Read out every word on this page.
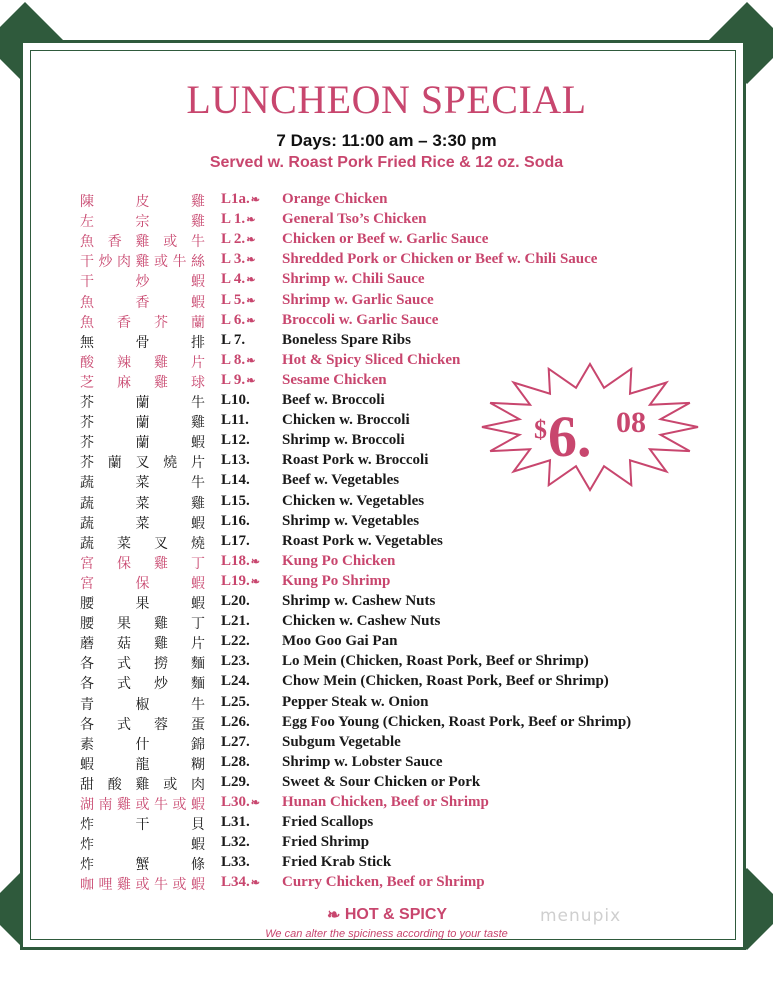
LUNCHEON SPECIAL
7 Days: 11:00 am – 3:30 pm
Served w. Roast Pork Fried Rice & 12 oz. Soda
陳	皮	雞 L1a.❧ Orange Chicken
左	宗	雞 L 1.❧ General Tso’s Chicken
魚 香 雞 或 牛 L 2.❧ Chicken or Beef w. Garlic Sauce
干 炒 肉 雞 或 牛 絲 L 3.❧ Shredded Pork or Chicken or Beef w. Chili Sauce
干	炒	蝦 L 4.❧ Shrimp w. Chili Sauce
魚	香	蝦 L 5.❧ Shrimp w. Garlic Sauce
魚 香 芥 蘭 L 6.❧ Broccoli w. Garlic Sauce
無	骨	排 L 7. Boneless Spare Ribs
酸 辣 雞 片 L 8.❧ Hot & Spicy Sliced Chicken
芝 麻 雞 球 L 9.❧ Sesame Chicken
芥	蘭	牛 L10. Beef w. Broccoli
芥	蘭	雞 L11. Chicken w. Broccoli
芥	蘭	蝦 L12. Shrimp w. Broccoli
芥 蘭 叉 燒 片 L13. Roast Pork w. Broccoli
蔬	菜	牛 L14. Beef w. Vegetables
蔬	菜	雞 L15. Chicken w. Vegetables
蔬	菜	蝦 L16. Shrimp w. Vegetables
蔬 菜 叉 燒 L17. Roast Pork w. Vegetables
宮 保 雞 丁 L18.❧ Kung Po Chicken
宮	保	蝦 L19.❧ Kung Po Shrimp
腰	果	蝦 L20. Shrimp w. Cashew Nuts
腰 果 雞 丁 L21. Chicken w. Cashew Nuts
蘑 菇 雞 片 L22. Moo Goo Gai Pan
各 式 撈 麵 L23. Lo Mein (Chicken, Roast Pork, Beef or Shrimp)
各 式 炒 麵 L24. Chow Mein (Chicken, Roast Pork, Beef or Shrimp)
青	椒	牛 L25. Pepper Steak w. Onion
各 式 蓉 蛋 L26. Egg Foo Young (Chicken, Roast Pork, Beef or Shrimp)
素	什	錦 L27. Subgum Vegetable
蝦	龍	糊 L28. Shrimp w. Lobster Sauce
甜 酸 雞 或 肉 L29. Sweet & Sour Chicken or Pork
湖 南 雞 或 牛 或 蝦 L30.❧ Hunan Chicken, Beef or Shrimp
炸	干	貝 L31. Fried Scallops
炸	蝦 L32. Fried Shrimp
炸	蟹	條 L33. Fried Krab Stick
咖 哩 雞 或 牛 或 蝦 L34.❧ Curry Chicken, Beef or Shrimp
$ 6. 08
❧ HOT & SPICY
We can alter the spiciness according to your taste
menupix
